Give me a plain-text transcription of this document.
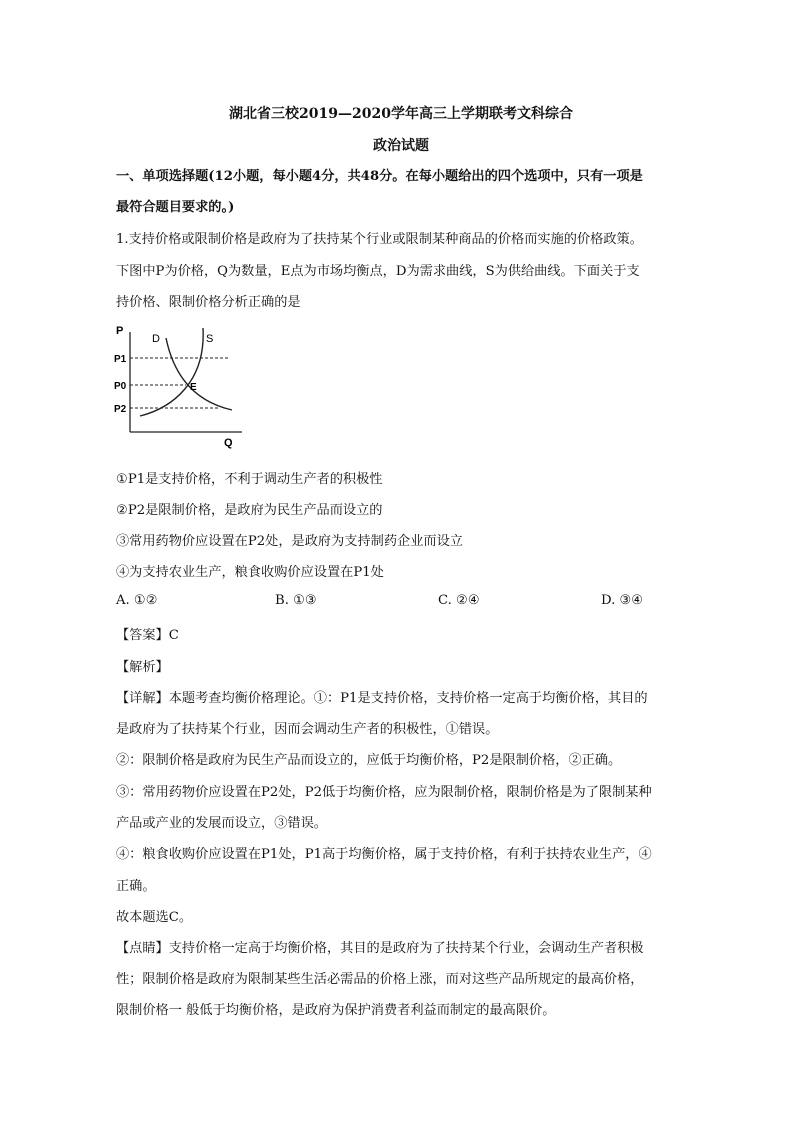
湖北省三校2019—2020学年高三上学期联考文科综合
政治试题
一、单项选择题(12小题，每小题4分，共48分。在每小题给出的四个选项中，只有一项是
最符合题目要求的。)
1.支持价格或限制价格是政府为了扶持某个行业或限制某种商品的价格而实施的价格政策。
下图中P为价格，Q为数量，E点为市场均衡点，D为需求曲线，S为供给曲线。下面关于支
持价格、限制价格分析正确的是
P
Q
P1
P0
P2
D	S
E
①P1是支持价格，不利于调动生产者的积极性
②P2是限制价格，是政府为民生产品而设立的
③常用药物价应设置在P2处，是政府为支持制药企业而设立
④为支持农业生产，粮食收购价应设置在P1处
A. ①②	B. ①③	C. ②④	D. ③④
【答案】C
【解析】
【详解】本题考查均衡价格理论。①：P1是支持价格，支持价格一定高于均衡价格，其目的
是政府为了扶持某个行业，因而会调动生产者的积极性，①错误。
②：限制价格是政府为民生产品而设立的，应低于均衡价格，P2是限制价格，②正确。
③：常用药物价应设置在P2处，P2低于均衡价格，应为限制价格，限制价格是为了限制某种
产品或产业的发展而设立，③错误。
④：粮食收购价应设置在P1处，P1高于均衡价格，属于支持价格，有利于扶持农业生产，④
正确。
故本题选C。
【点睛】支持价格一定高于均衡价格，其目的是政府为了扶持某个行业，会调动生产者积极
性；限制价格是政府为限制某些生活必需品的价格上涨，而对这些产品所规定的最高价格，
限制价格一 般低于均衡价格，是政府为保护消费者利益而制定的最高限价。
